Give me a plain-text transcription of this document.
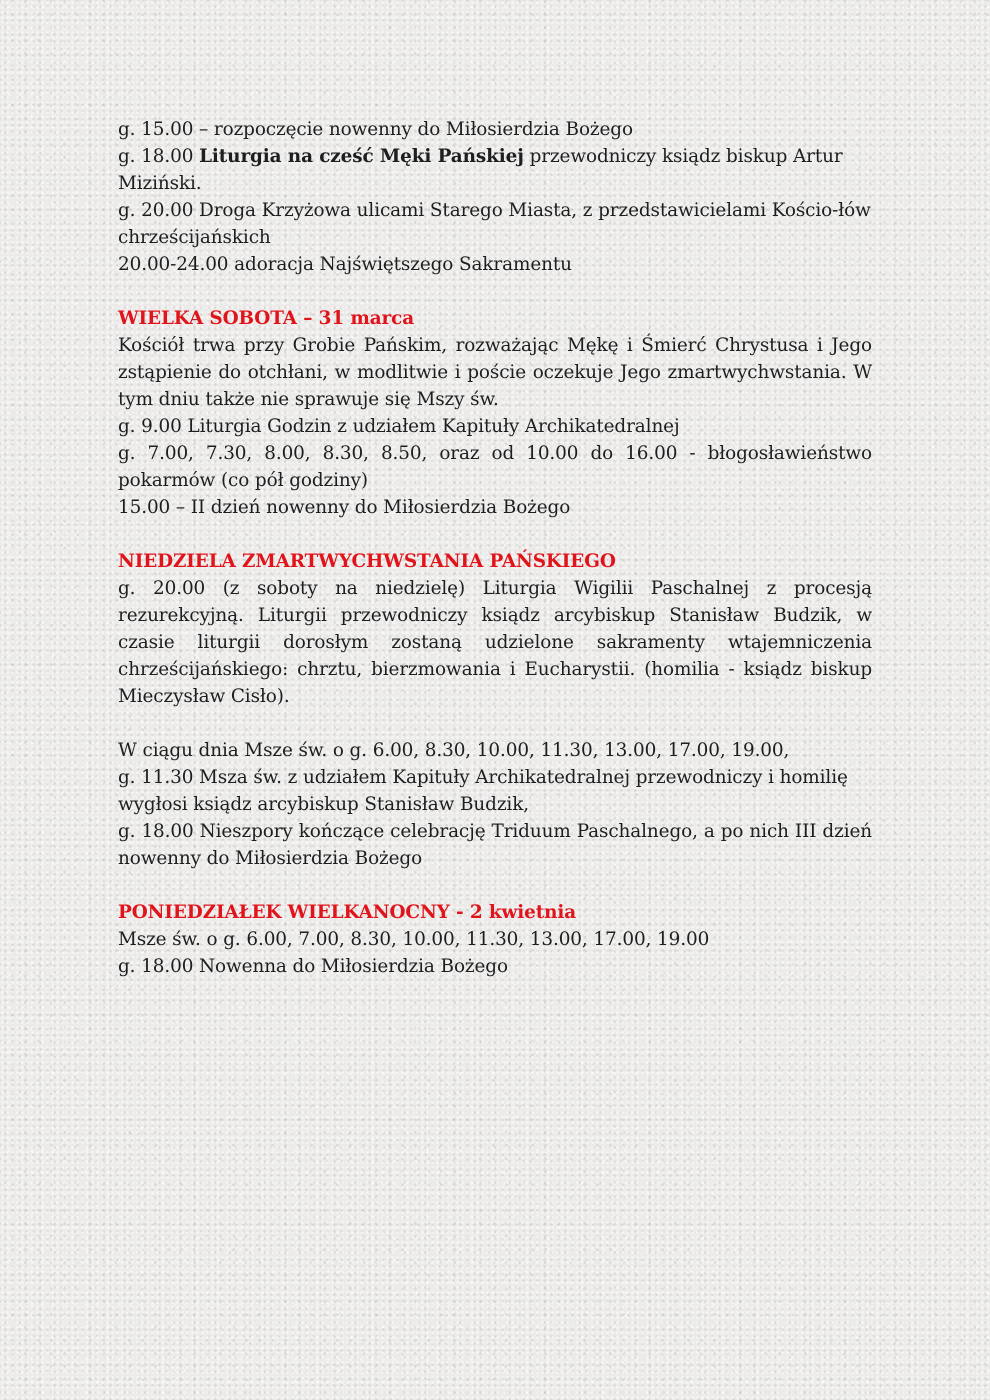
g. 15.00 – rozpoczęcie nowenny do Miłosierdzia Bożego

g. 18.00 Liturgia na cześć Męki Pańskiej przewodniczy ksiądz biskup Artur Miziński.

g. 20.00 Droga Krzyżowa ulicami Starego Miasta, z przedstawicielami Kościo-łów chrześcijańskich

20.00-24.00 adoracja Najświętszego Sakramentu

WIELKA SOBOTA – 31 marca

Kościół trwa przy Grobie Pańskim, rozważając Mękę i Śmierć Chrystusa i Jego zstąpienie do otchłani, w modlitwie i poście oczekuje Jego zmartwychwstania. W tym dniu także nie sprawuje się Mszy św.

g. 9.00 Liturgia Godzin z udziałem Kapituły Archikatedralnej

g. 7.00, 7.30, 8.00, 8.30, 8.50, oraz od 10.00 do 16.00 - błogosławieństwo pokarmów (co pół godziny)

15.00 – II dzień nowenny do Miłosierdzia Bożego

NIEDZIELA ZMARTWYCHWSTANIA PAŃSKIEGO

g. 20.00 (z soboty na niedzielę) Liturgia Wigilii Paschalnej z procesją rezurekcyjną. Liturgii przewodniczy ksiądz arcybiskup Stanisław Budzik, w czasie liturgii dorosłym zostaną udzielone sakramenty wtajemniczenia chrześcijańskiego: chrztu, bierzmowania i Eucharystii. (homilia - ksiądz biskup Mieczysław Cisło).

W ciągu dnia Msze św. o g. 6.00, 8.30, 10.00, 11.30, 13.00, 17.00, 19.00,

g. 11.30 Msza św. z udziałem Kapituły Archikatedralnej przewodniczy i homilię wygłosi ksiądz arcybiskup Stanisław Budzik,

g. 18.00 Nieszpory kończące celebrację Triduum Paschalnego, a po nich III dzień nowenny do Miłosierdzia Bożego

PONIEDZIAŁEK WIELKANOCNY - 2 kwietnia

Msze św. o g. 6.00, 7.00, 8.30, 10.00, 11.30, 13.00, 17.00, 19.00

g. 18.00 Nowenna do Miłosierdzia Bożego
